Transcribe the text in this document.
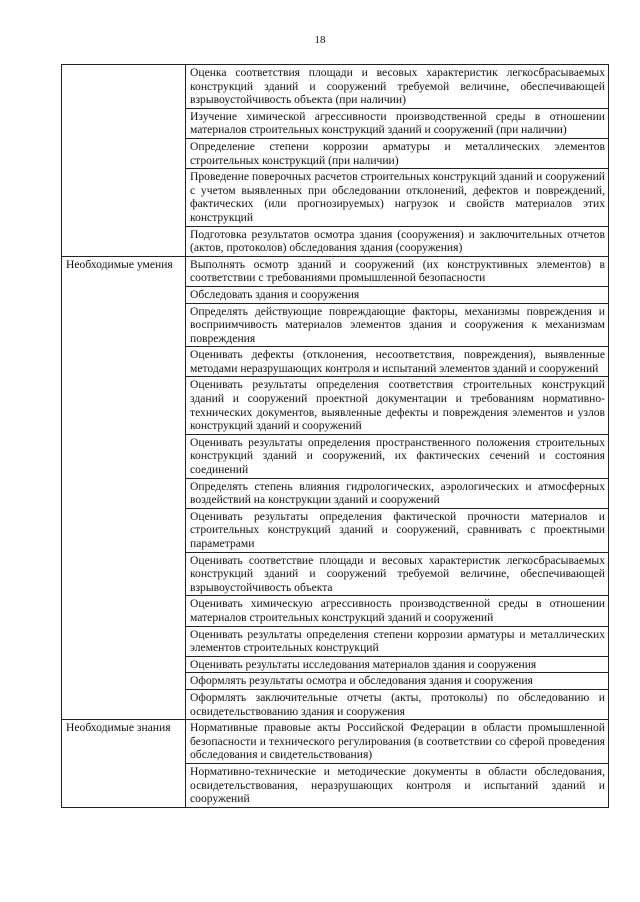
18
	Оценка соответствия площади и весовых характеристик легкосбрасываемых конструкций зданий и сооружений требуемой величине, обеспечивающей взрывоустойчивость объекта (при наличии)
	Изучение химической агрессивности производственной среды в отношении материалов строительных конструкций зданий и сооружений (при наличии)
	Определение степени коррозии арматуры и металлических элементов строительных конструкций (при наличии)
	Проведение поверочных расчетов строительных конструкций зданий и сооружений с учетом выявленных при обследовании отклонений, дефектов и повреждений, фактических (или прогнозируемых) нагрузок и свойств материалов этих конструкций
	Подготовка результатов осмотра здания (сооружения) и заключительных отчетов (актов, протоколов) обследования здания (сооружения)
Необходимые умения	Выполнять осмотр зданий и сооружений (их конструктивных элементов) в соответствии с требованиями промышленной безопасности
	Обследовать здания и сооружения
	Определять действующие повреждающие факторы, механизмы повреждения и восприимчивость материалов элементов здания и сооружения к механизмам повреждения
	Оценивать дефекты (отклонения, несоответствия, повреждения), выявленные методами неразрушающих контроля и испытаний элементов зданий и сооружений
	Оценивать результаты определения соответствия строительных конструкций зданий и сооружений проектной документации и требованиям нормативно-технических документов, выявленные дефекты и повреждения элементов и узлов конструкций зданий и сооружений
	Оценивать результаты определения пространственного положения строительных конструкций зданий и сооружений, их фактических сечений и состояния соединений
	Определять степень влияния гидрологических, аэрологических и атмосферных воздействий на конструкции зданий и сооружений
	Оценивать результаты определения фактической прочности материалов и строительных конструкций зданий и сооружений, сравнивать с проектными параметрами
	Оценивать соответствие площади и весовых характеристик легкосбрасываемых конструкций зданий и сооружений требуемой величине, обеспечивающей взрывоустойчивость объекта
	Оценивать химическую агрессивность производственной среды в отношении материалов строительных конструкций зданий и сооружений
	Оценивать результаты определения степени коррозии арматуры и металлических элементов строительных конструкций
	Оценивать результаты исследования материалов здания и сооружения
	Оформлять результаты осмотра и обследования здания и сооружения
	Оформлять заключительные отчеты (акты, протоколы) по обследованию и освидетельствованию здания и сооружения
Необходимые знания	Нормативные правовые акты Российской Федерации в области промышленной безопасности и технического регулирования (в соответствии со сферой проведения обследования и свидетельствования)
	Нормативно-технические и методические документы в области обследования, освидетельствования, неразрушающих контроля и испытаний зданий и сооружений
